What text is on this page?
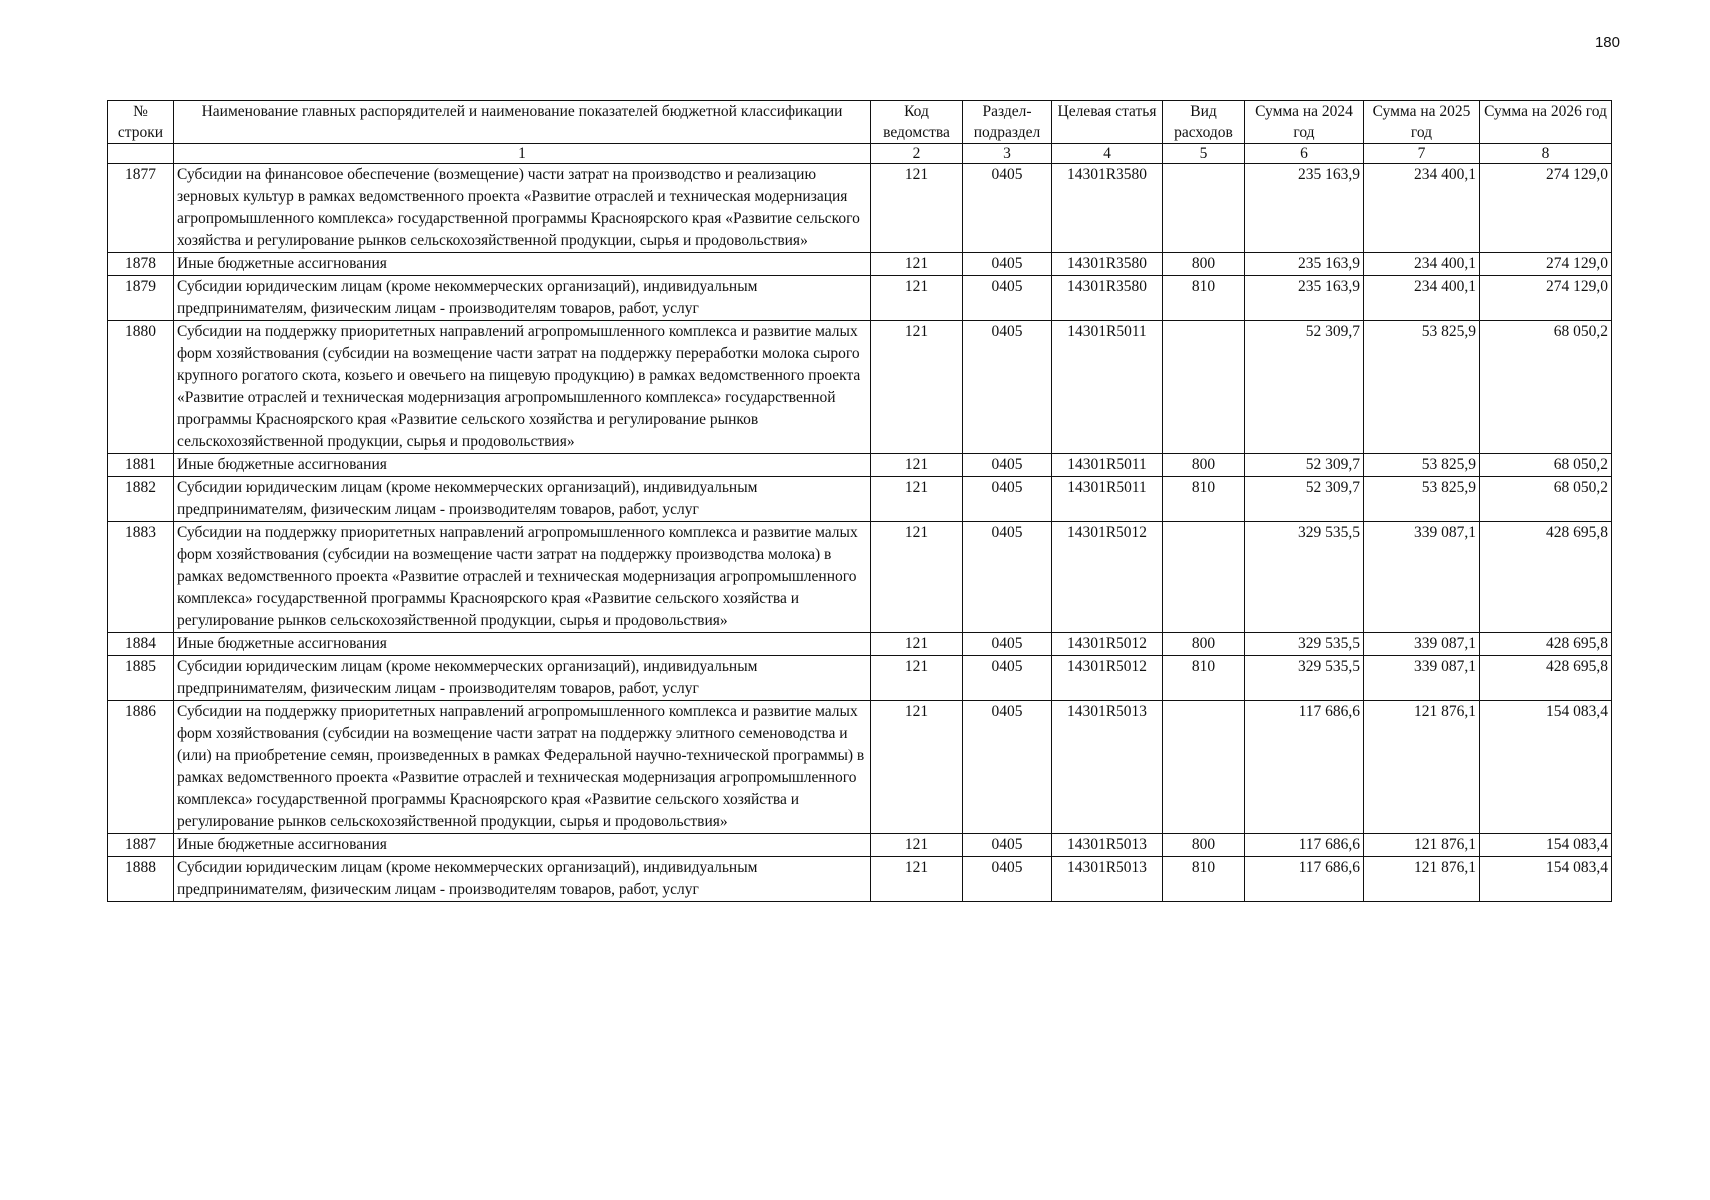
180
№ строки	Наименование главных распорядителей и наименование показателей бюджетной классификации	Код ведомства	Раздел-подраздел	Целевая статья	Вид расходов	Сумма на 2024 год	Сумма на 2025 год	Сумма на 2026 год
	1	2	3	4	5	6	7	8
1877	Субсидии на финансовое обеспечение (возмещение) части затрат на производство и реализацию зерновых культур в рамках ведомственного проекта «Развитие отраслей и техническая модернизация агропромышленного комплекса» государственной программы Красноярского края «Развитие сельского хозяйства и регулирование рынков сельскохозяйственной продукции, сырья и продовольствия»	121	0405	14301R3580		235 163,9	234 400,1	274 129,0
1878	Иные бюджетные ассигнования	121	0405	14301R3580	800	235 163,9	234 400,1	274 129,0
1879	Субсидии юридическим лицам (кроме некоммерческих организаций), индивидуальным предпринимателям, физическим лицам - производителям товаров, работ, услуг	121	0405	14301R3580	810	235 163,9	234 400,1	274 129,0
1880	Субсидии на поддержку приоритетных направлений агропромышленного комплекса и развитие малых форм хозяйствования (субсидии на возмещение части затрат на поддержку переработки молока сырого крупного рогатого скота, козьего и овечьего на пищевую продукцию) в рамках ведомственного проекта «Развитие отраслей и техническая модернизация агропромышленного комплекса» государственной программы Красноярского края «Развитие сельского хозяйства и регулирование рынков сельскохозяйственной продукции, сырья и продовольствия»	121	0405	14301R5011		52 309,7	53 825,9	68 050,2
1881	Иные бюджетные ассигнования	121	0405	14301R5011	800	52 309,7	53 825,9	68 050,2
1882	Субсидии юридическим лицам (кроме некоммерческих организаций), индивидуальным предпринимателям, физическим лицам - производителям товаров, работ, услуг	121	0405	14301R5011	810	52 309,7	53 825,9	68 050,2
1883	Субсидии на поддержку приоритетных направлений агропромышленного комплекса и развитие малых форм хозяйствования (субсидии на возмещение части затрат на поддержку производства молока) в рамках ведомственного проекта «Развитие отраслей и техническая модернизация агропромышленного комплекса» государственной программы Красноярского края «Развитие сельского хозяйства и регулирование рынков сельскохозяйственной продукции, сырья и продовольствия»	121	0405	14301R5012		329 535,5	339 087,1	428 695,8
1884	Иные бюджетные ассигнования	121	0405	14301R5012	800	329 535,5	339 087,1	428 695,8
1885	Субсидии юридическим лицам (кроме некоммерческих организаций), индивидуальным предпринимателям, физическим лицам - производителям товаров, работ, услуг	121	0405	14301R5012	810	329 535,5	339 087,1	428 695,8
1886	Субсидии на поддержку приоритетных направлений агропромышленного комплекса и развитие малых форм хозяйствования (субсидии на возмещение части затрат на поддержку элитного семеноводства и (или) на приобретение семян, произведенных в рамках Федеральной научно-технической программы) в рамках ведомственного проекта «Развитие отраслей и техническая модернизация агропромышленного комплекса» государственной программы Красноярского края «Развитие сельского хозяйства и регулирование рынков сельскохозяйственной продукции, сырья и продовольствия»	121	0405	14301R5013		117 686,6	121 876,1	154 083,4
1887	Иные бюджетные ассигнования	121	0405	14301R5013	800	117 686,6	121 876,1	154 083,4
1888	Субсидии юридическим лицам (кроме некоммерческих организаций), индивидуальным предпринимателям, физическим лицам - производителям товаров, работ, услуг	121	0405	14301R5013	810	117 686,6	121 876,1	154 083,4
